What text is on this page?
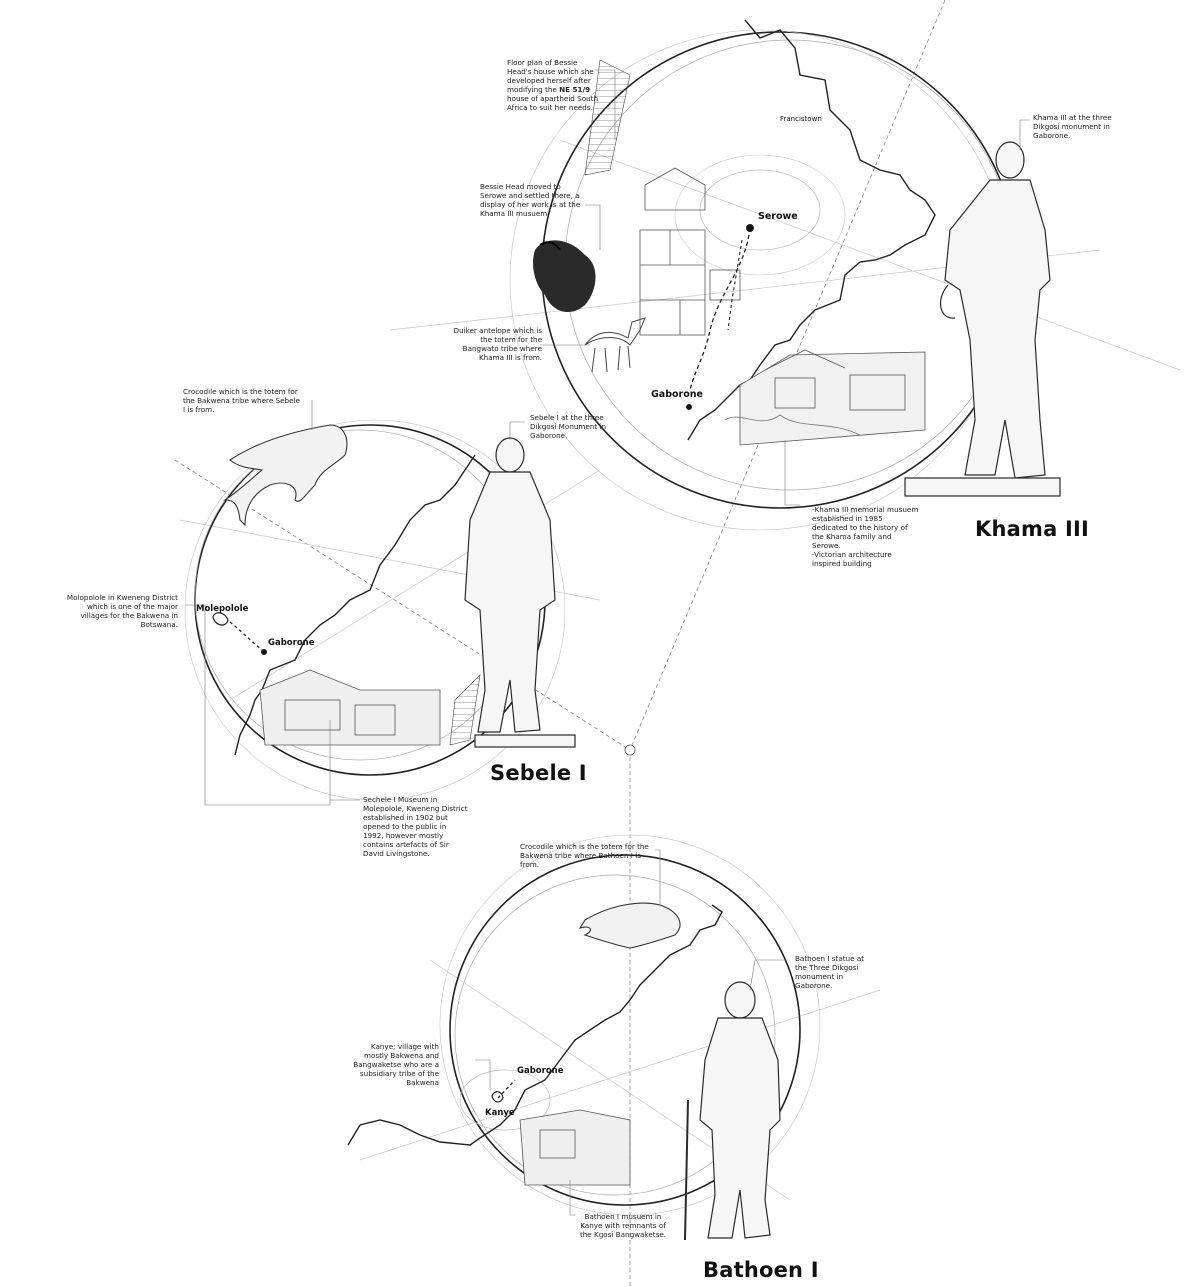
Khama III
Sebele I
Bathoen I
Francistown
Serowe
Gaborone
Molepolole
Gaborone
Gaborone
Kanye
Floor plan of Bessie Head's house which she developed herself after modifying the NE 51/9 house of apartheid South Africa to suit her needs.
Bessie Head moved to Serowe and settled there, a display of her work is at the Khama III musuem
Duiker antelope which is the totem for the Bangwato tribe where Khama III is from.
Khama III at the three Dikgosi monument in Gaborone.
-Khama III memorial musuem established in 1985 dedicated to the history of the Khama family and Serowe.
-Victorian architecture inspired building
Crocodile which is the totem for the Bakwena tribe where Sebele I is from.
Sebele I at the three Dikgosi Monument in Gaborone.
Molopolole in Kweneng District which is one of the major villages for the Bakwena in Botswana.
Sechele I Museum in Molepolole, Kweneng District established in 1902 but opened to the public in 1992, however mostly contains artefacts of Sir David Livingstone.
Crocodile which is the totem for the Bakwena tribe where Bathoen I is from.
Bathoen I statue at the Three Dikgosi monument in Gaborone.
Kanye; village with mostly Bakwena and Bangwaketse who are a subsidiary tribe of the Bakwena
Bathoen I musuem in Kanye with remnants of the Kgosi Bangwaketse.
